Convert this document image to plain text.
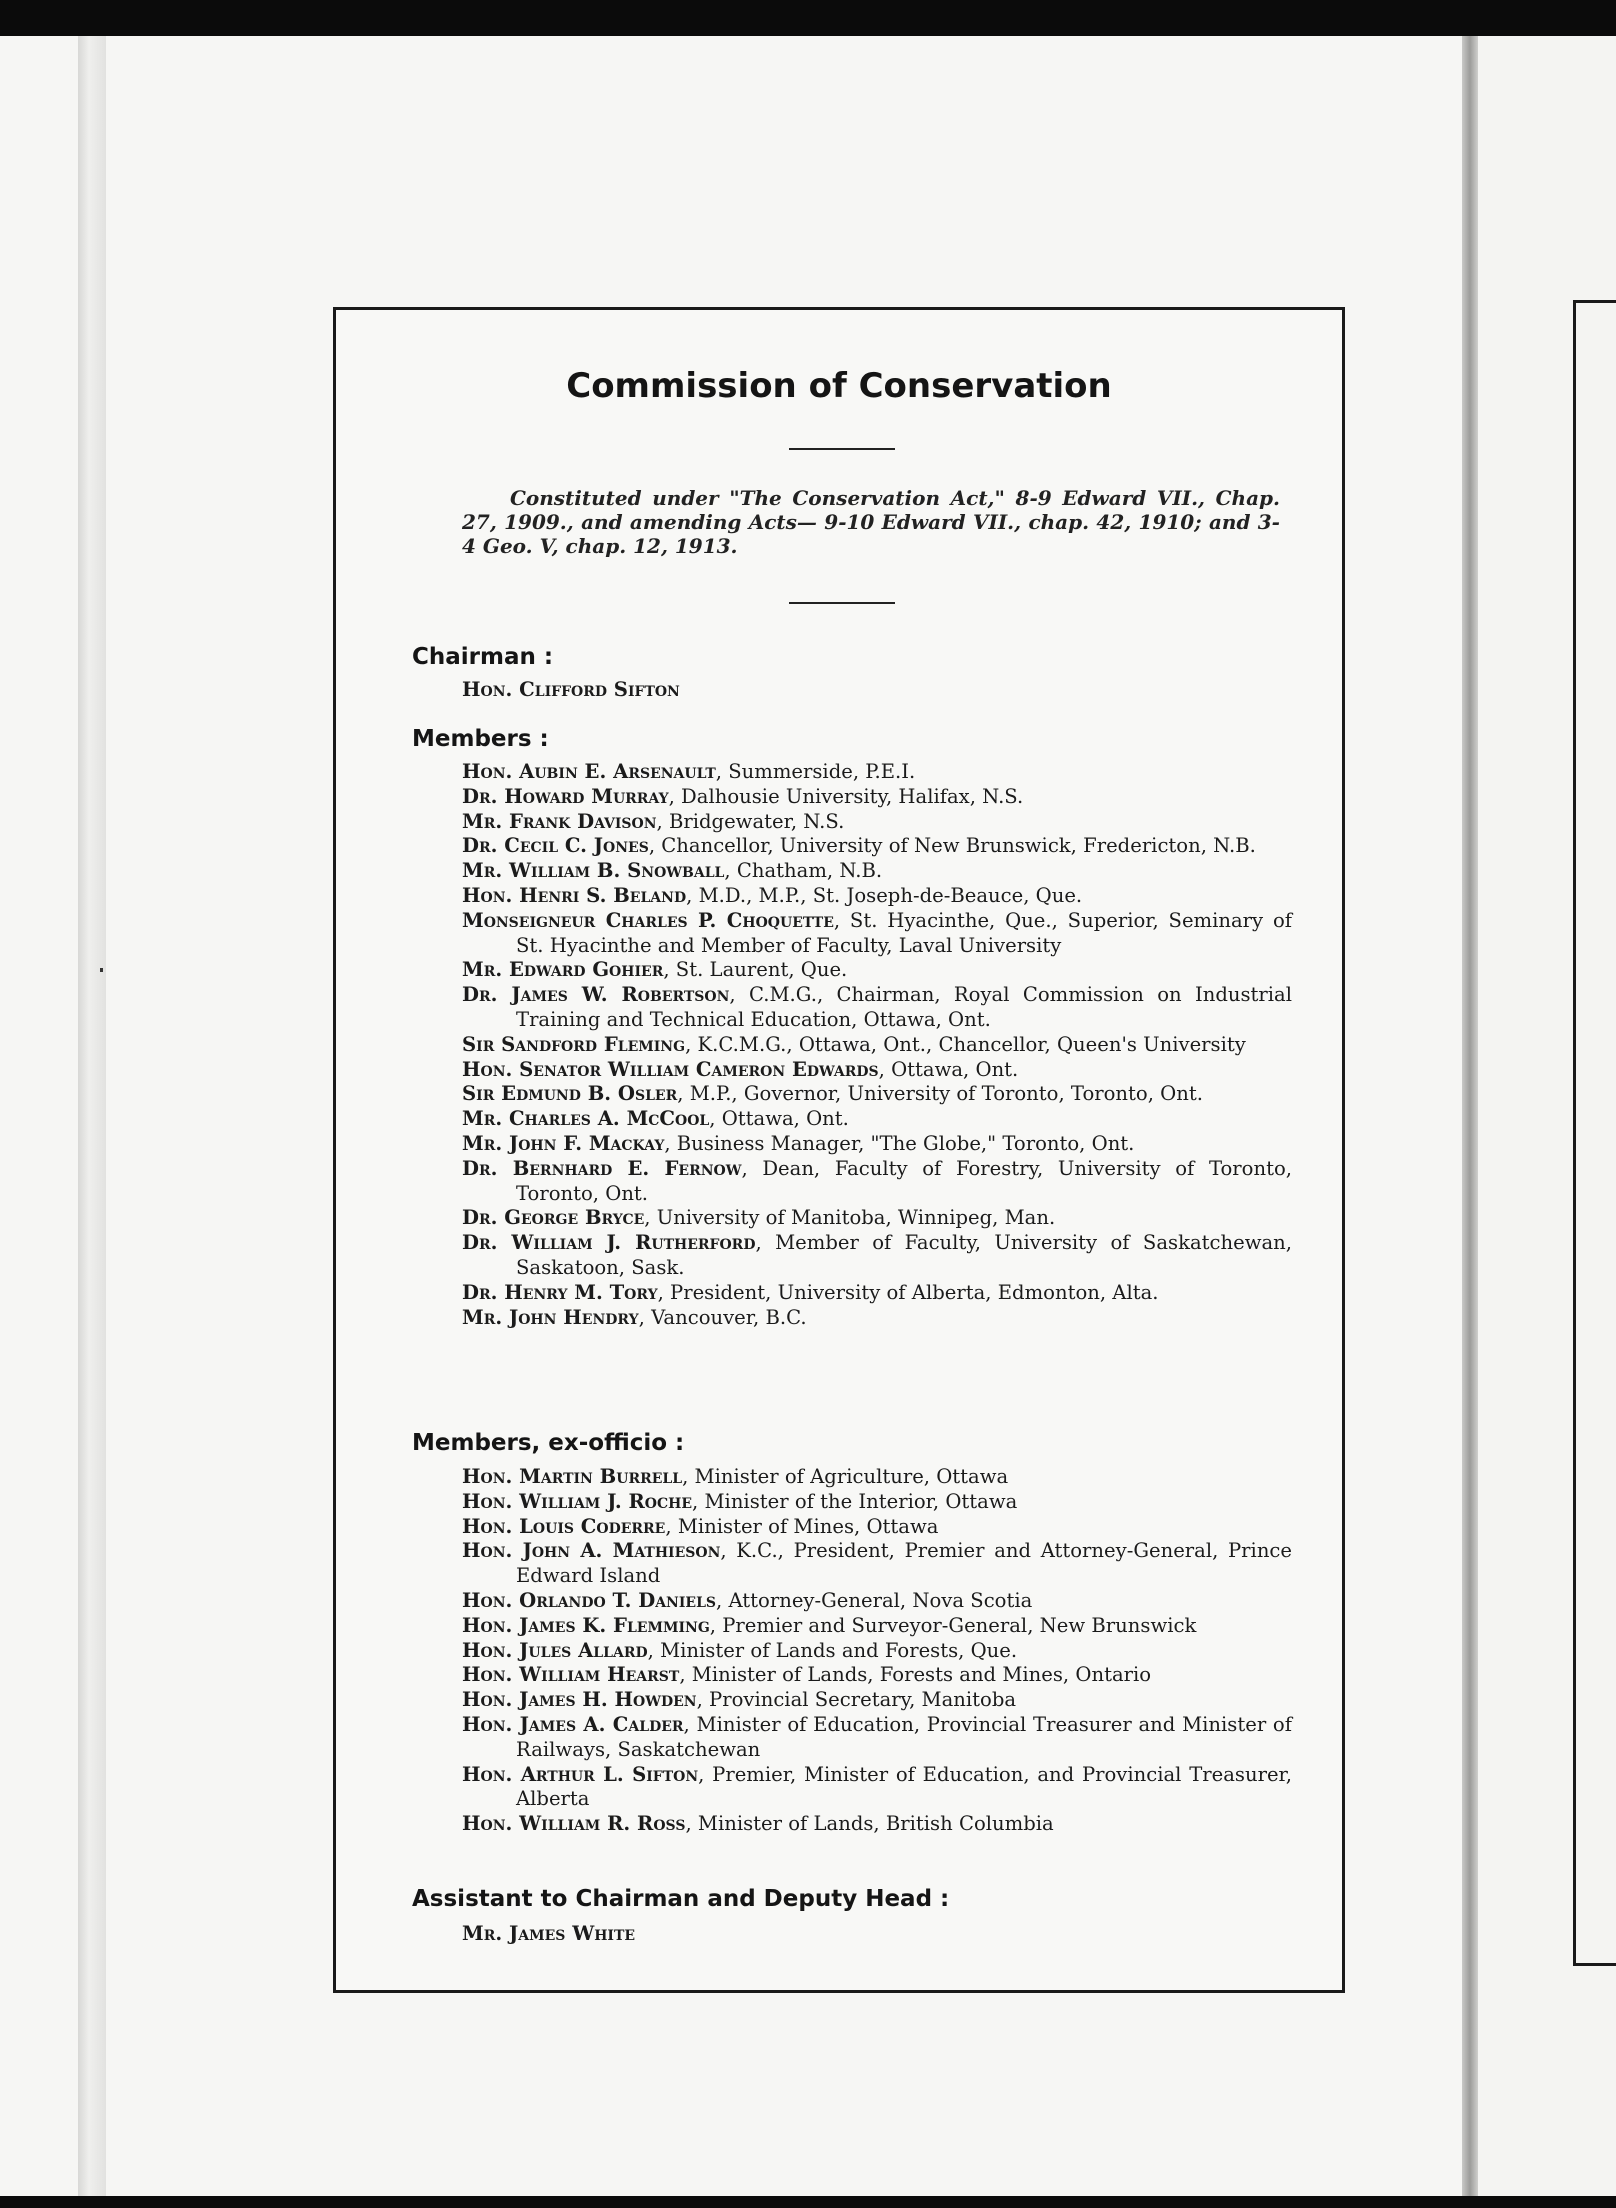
Commission of Conservation
Constituted under "The Conservation Act," 8-9 Edward VII., Chap. 27, 1909., and amending Acts— 9-10 Edward VII., chap. 42, 1910; and 3-4 Geo. V, chap. 12, 1913.
Chairman :
Hon. Clifford Sifton
Members :
Hon. Aubin E. Arsenault, Summerside, P.E.I.
Dr. Howard Murray, Dalhousie University, Halifax, N.S.
Mr. Frank Davison, Bridgewater, N.S.
Dr. Cecil C. Jones, Chancellor, University of New Brunswick, Fredericton, N.B.
Mr. William B. Snowball, Chatham, N.B.
Hon. Henri S. Beland, M.D., M.P., St. Joseph-de-Beauce, Que.
Monseigneur Charles P. Choquette, St. Hyacinthe, Que., Superior, Seminary of St. Hyacinthe and Member of Faculty, Laval University
Mr. Edward Gohier, St. Laurent, Que.
Dr. James W. Robertson, C.M.G., Chairman, Royal Commission on Industrial Training and Technical Education, Ottawa, Ont.
Sir Sandford Fleming, K.C.M.G., Ottawa, Ont., Chancellor, Queen's University
Hon. Senator William Cameron Edwards, Ottawa, Ont.
Sir Edmund B. Osler, M.P., Governor, University of Toronto, Toronto, Ont.
Mr. Charles A. McCool, Ottawa, Ont.
Mr. John F. Mackay, Business Manager, "The Globe," Toronto, Ont.
Dr. Bernhard E. Fernow, Dean, Faculty of Forestry, University of Toronto, Toronto, Ont.
Dr. George Bryce, University of Manitoba, Winnipeg, Man.
Dr. William J. Rutherford, Member of Faculty, University of Saskatchewan, Saskatoon, Sask.
Dr. Henry M. Tory, President, University of Alberta, Edmonton, Alta.
Mr. John Hendry, Vancouver, B.C.
Members, ex-officio :
Hon. Martin Burrell, Minister of Agriculture, Ottawa
Hon. William J. Roche, Minister of the Interior, Ottawa
Hon. Louis Coderre, Minister of Mines, Ottawa
Hon. John A. Mathieson, K.C., President, Premier and Attorney-General, Prince Edward Island
Hon. Orlando T. Daniels, Attorney-General, Nova Scotia
Hon. James K. Flemming, Premier and Surveyor-General, New Brunswick
Hon. Jules Allard, Minister of Lands and Forests, Que.
Hon. William Hearst, Minister of Lands, Forests and Mines, Ontario
Hon. James H. Howden, Provincial Secretary, Manitoba
Hon. James A. Calder, Minister of Education, Provincial Treasurer and Minister of Railways, Saskatchewan
Hon. Arthur L. Sifton, Premier, Minister of Education, and Provincial Treasurer, Alberta
Hon. William R. Ross, Minister of Lands, British Columbia
Assistant to Chairman and Deputy Head :
Mr. James White
